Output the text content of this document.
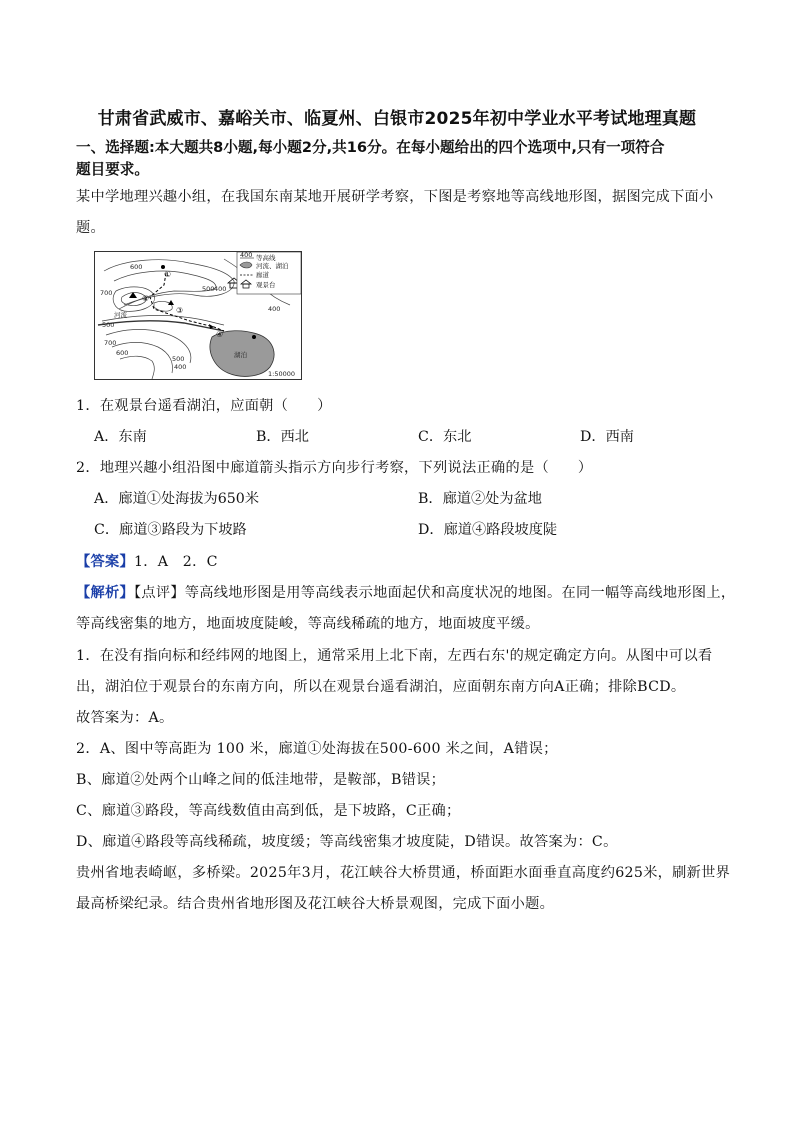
甘肃省武威市、嘉峪关市、临夏州、白银市2025年初中学业水平考试地理真题
一、选择题:本大题共8小题,每小题2分,共16分。在每小题给出的四个选项中,只有一项符合
题目要求。
某中学地理兴趣小组，在我国东南某地开展研学考察，下图是考察地等高线地形图，据图完成下面小
题。
400 等高线
河流、湖泊
廊道
观景台
600
500
700
700
600
500
400
400
500
400
河流
湖泊
1:50000
①
②
③
④
1．在观景台遥看湖泊，应面朝（　　）
A．东南	B．西北	C．东北	D．西南
2．地理兴趣小组沿图中廊道箭头指示方向步行考察，下列说法正确的是（　　）
A．廊道①处海拔为650米	B．廊道②处为盆地
C．廊道③路段为下坡路	D．廊道④路段坡度陡
【答案】1．A　2．C
【解析】【点评】等高线地形图是用等高线表示地面起伏和高度状况的地图。在同一幅等高线地形图上，
等高线密集的地方，地面坡度陡峻，等高线稀疏的地方，地面坡度平缓。
1．在没有指向标和经纬网的地图上，通常采用上北下南，左西右东'的规定确定方向。从图中可以看
出，湖泊位于观景台的东南方向，所以在观景台遥看湖泊，应面朝东南方向A正确；排除BCD。
故答案为：A。
2．A、图中等高距为 100 米，廊道①处海拔在500-600 米之间，A错误；
B、廊道②处两个山峰之间的低洼地带，是鞍部，B错误；
C、廊道③路段，等高线数值由高到低，是下坡路，C正确；
D、廊道④路段等高线稀疏，坡度缓；等高线密集才坡度陡，D错误。故答案为：C。
贵州省地表崎岖，多桥梁。2025年3月，花江峡谷大桥贯通，桥面距水面垂直高度约625米，刷新世界
最高桥梁纪录。结合贵州省地形图及花江峡谷大桥景观图，完成下面小题。
